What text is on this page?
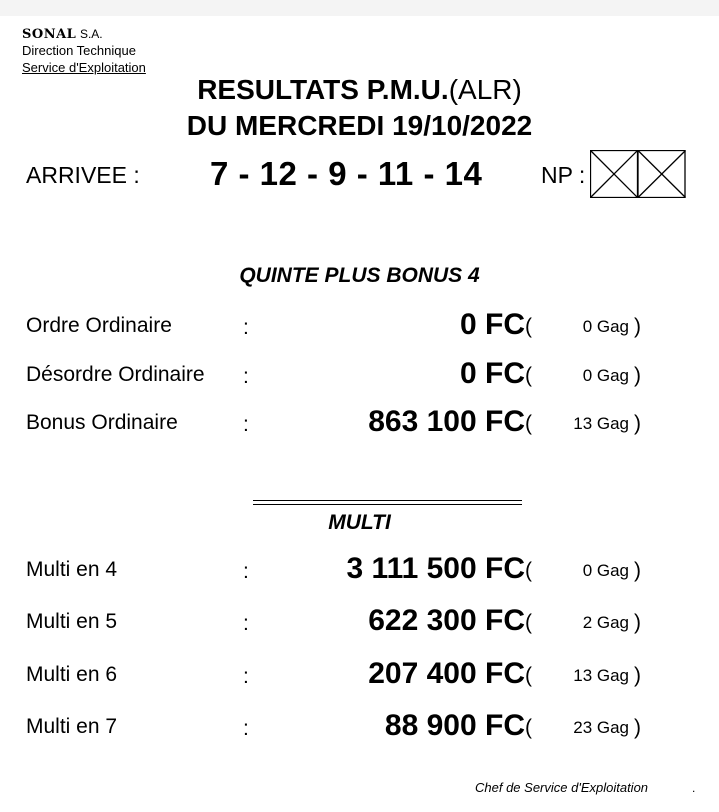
SONAL S.A.
Direction Technique
Service d'Exploitation
RESULTATS P.M.U.(ALR)
DU MERCREDI 19/10/2022
ARRIVEE : 7 - 12 - 9 - 11 - 14	NP :
QUINTE PLUS BONUS 4
Ordre Ordinaire	:	0 FC (	0 Gag )
Désordre Ordinaire :	0 FC (	0 Gag )
Bonus Ordinaire	:	863 100 FC ( 13 Gag )
MULTI
Multi en 4	:	3 111 500 FC (	0 Gag )
Multi en 5	:	622 300 FC (	2 Gag )
Multi en 6	:	207 400 FC ( 13 Gag )
Multi en 7	:	88 900 FC ( 23 Gag )
Chef de Service d'Exploitation	.
